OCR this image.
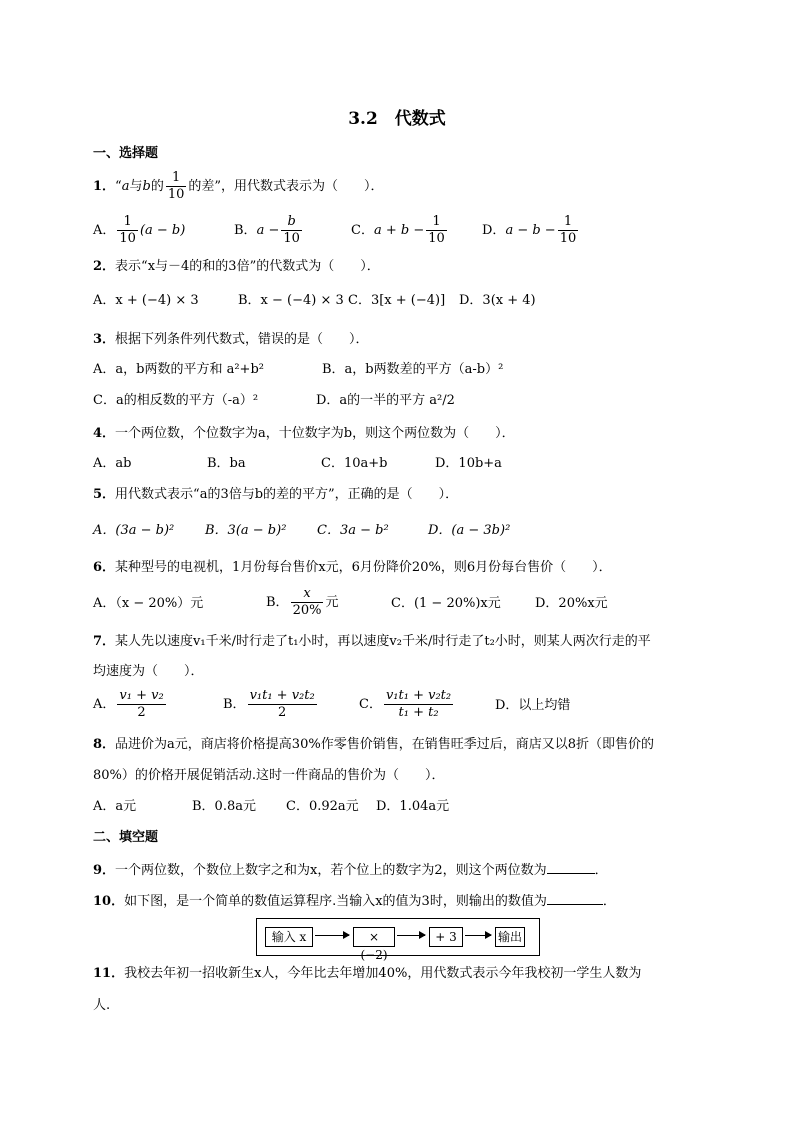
3.2　代数式
一、选择题
1．“a与b的 $\frac{1}{10}$ 的差”，用代数式表示为（　　）．
A． $\frac{1}{10} (a - b)$	B．$a - \frac{b}{10}$	C．$a + b - \frac{1}{10}$	D．$a - b - \frac{1}{10}$
2．表示“x与－4的和的3倍”的代数式为（　　）．
A．x + (−4) × 3	B．x − (−4) × 3 C．3[x + (−4)] D．3(x + 4)
3．根据下列条件列代数式，错误的是（　　）．
A．a，b两数的平方和 a²+b²	B．a，b两数差的平方（a-b）²
C．a的相反数的平方（-a）²	D．a的一半的平方 a²/2
4．一个两位数，个位数字为a，十位数字为b，则这个两位数为（　　）．
A．ab	B．ba	C．10a+b	D．10b+a
5．用代数式表示“a的3倍与b的差的平方”，正确的是（　　）．
A．(3a − b)² B．3(a − b)² C．3a − b²	D．(a − 3b)²
6．某种型号的电视机，1月份每台售价x元，6月份降价20%，则6月份每台售价（　　）．
A．（x − 20%）元	B． $\frac{x}{20\%}$ 元	C．(1 − 20%)x元	D．20%x元
7．某人先以速度v₁千米/时行走了t₁小时，再以速度v₂千米/时行走了t₂小时，则某人两次行走的平
均速度为（　　）．
A． $\frac{\text{v₁ + v₂}}{2}$	B． $\frac{\text{v₁t₁ + v₂t₂}}{2}$	C． $\frac{\text{v₁t₁ + v₂t₂}}{\text{t₁ + t₂}}$	D．以上均错
8．品进价为a元，商店将价格提高30%作零售价销售，在销售旺季过后，商店又以8折（即售价的
80%）的价格开展促销活动.这时一件商品的售价为（　　）．
A．a元	B．0.8a元 C．0.92a元 D．1.04a元
二、填空题
9．一个两位数，个数位上数字之和为x，若个位上的数字为2，则这个两位数为	．
10．如下图，是一个简单的数值运算程序.当输入x的值为3时，则输出的数值为	．
输入 x	× (−2)
+ 3	输出
11．我校去年初一招收新生x人，今年比去年增加40%，用代数式表示今年我校初一学生人数为
人.
